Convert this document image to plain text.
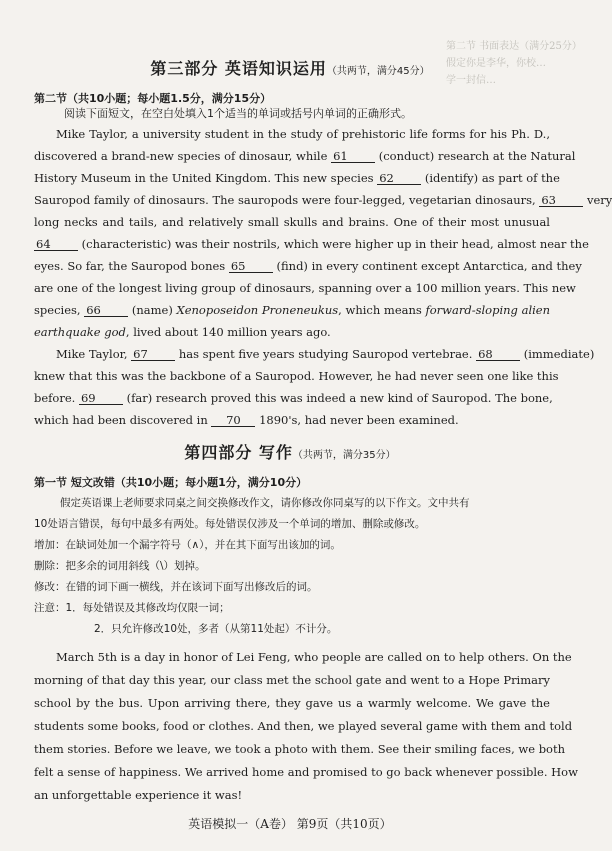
第二节 书面表达（满分25分）
假定你是李华，你校…
学一封信…
第三部分 英语知识运用（共两节，满分45分）
第二节（共10小题；每小题1.5分，满分15分）
阅读下面短文，在空白处填入1个适当的单词或括号内单词的正确形式。
Mike Taylor, a university student in the study of prehistoric life forms for his Ph. D.,
discovered a brand-new species of dinosaur, while 61	(conduct) research at the Natural
History Museum in the United Kingdom. This new species 62	(identify) as part of the
Sauropod family of dinosaurs. The sauropods were four-legged, vegetarian dinosaurs, 63	very
long necks and tails, and relatively small skulls and brains. One of their most unusual
64	(characteristic) was their nostrils, which were higher up in their head, almost near the
eyes. So far, the Sauropod bones 65	(find) in every continent except Antarctica, and they
are one of the longest living group of dinosaurs, spanning over a 100 million years. This new
species, 66	(name) Xenoposeidon Proneneukus, which means forward-sloping alien
earthquake god, lived about 140 million years ago.
Mike Taylor, 67	has spent five years studying Sauropod vertebrae. 68	(immediate)
knew that this was the backbone of a Sauropod. However, he had never seen one like this
before. 69	(far) research proved this was indeed a new kind of Sauropod. The bone,
which had been discovered in 70 1890's, had never been examined.
第四部分 写作（共两节，满分35分）
第一节 短文改错（共10小题；每小题1分，满分10分）
假定英语课上老师要求同桌之间交换修改作文，请你修改你同桌写的以下作文。文中共有
10处语言错误，每句中最多有两处。每处错误仅涉及一个单词的增加、删除或修改。
增加：在缺词处加一个漏字符号（∧），并在其下面写出该加的词。
删除：把多余的词用斜线（\）划掉。
修改：在错的词下画一横线，并在该词下面写出修改后的词。
注意：1．每处错误及其修改均仅限一词；
2．只允许修改10处，多者（从第11处起）不计分。
March 5th is a day in honor of Lei Feng, who people are called on to help others. On the
morning of that day this year, our class met the school gate and went to a Hope Primary
school by the bus. Upon arriving there, they gave us a warmly welcome. We gave the
students some books, food or clothes. And then, we played several game with them and told
them stories. Before we leave, we took a photo with them. See their smiling faces, we both
felt a sense of happiness. We arrived home and promised to go back whenever possible. How
an unforgettable experience it was!
英语模拟一（A卷） 第9页（共10页）
